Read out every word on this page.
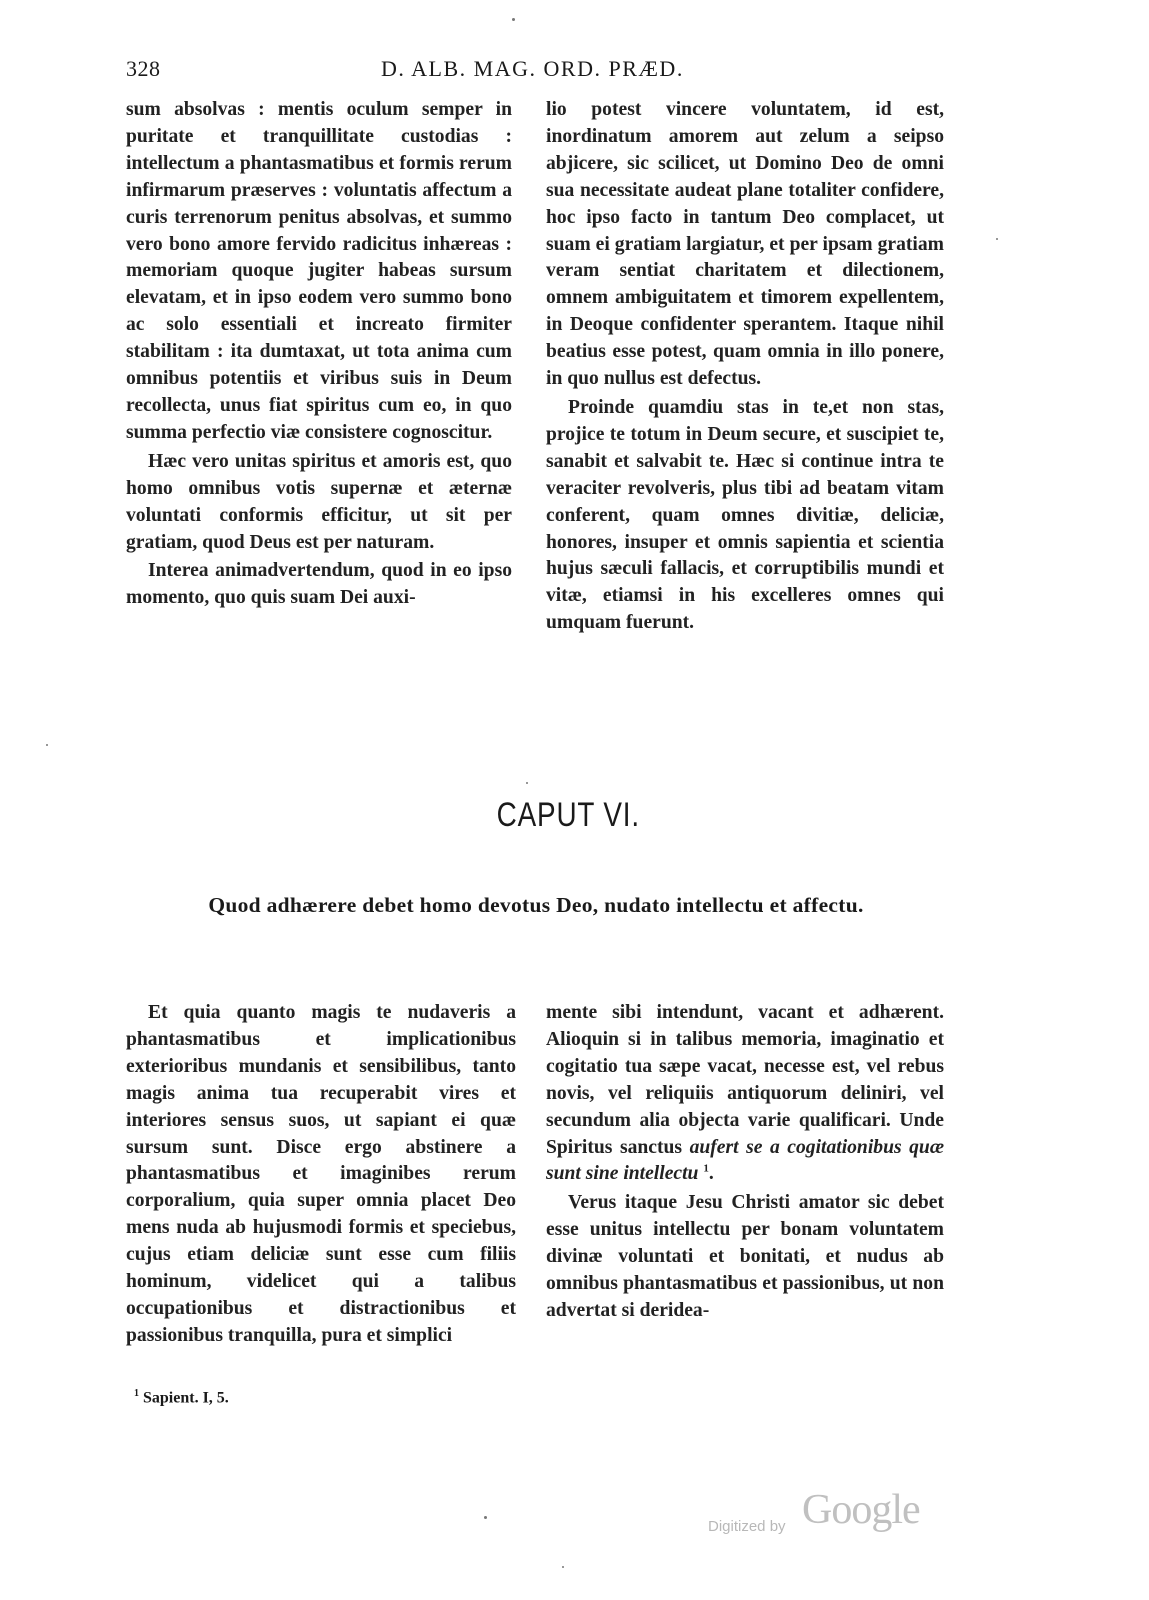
328	D. ALB. MAG. ORD. PRÆD.

sum absolvas : mentis oculum semper in puritate et tranquillitate custodias : intellectum a phantasmatibus et formis rerum infirmarum præserves : voluntatis affectum a curis terrenorum penitus absolvas, et summo vero bono amore fervido radicitus inhæreas : memoriam quoque jugiter habeas sursum elevatam, et in ipso eodem vero summo bono ac solo essentiali et increato firmiter stabilitam : ita dumtaxat, ut tota anima cum omnibus potentiis et viribus suis in Deum recollecta, unus fiat spiritus cum eo, in quo summa perfectio viæ consistere cognoscitur.

Hæc vero unitas spiritus et amoris est, quo homo omnibus votis supernæ et æternæ voluntati conformis efficitur, ut sit per gratiam, quod Deus est per naturam.

Interea animadvertendum, quod in eo ipso momento, quo quis suam Dei auxi-

lio potest vincere voluntatem, id est, inordinatum amorem aut zelum a seipso abjicere, sic scilicet, ut Domino Deo de omni sua necessitate audeat plane totaliter confidere, hoc ipso facto in tantum Deo complacet, ut suam ei gratiam largiatur, et per ipsam gratiam veram sentiat charitatem et dilectionem, omnem ambiguitatem et timorem expellentem, in Deoque confidenter sperantem. Itaque nihil beatius esse potest, quam omnia in illo ponere, in quo nullus est defectus.

Proinde quamdiu stas in te,et non stas, projice te totum in Deum secure, et suscipiet te, sanabit et salvabit te. Hæc si continue intra te veraciter revolveris, plus tibi ad beatam vitam conferent, quam omnes divitiæ, deliciæ, honores, insuper et omnis sapientia et scientia hujus sæculi fallacis, et corruptibilis mundi et vitæ, etiamsi in his excelleres omnes qui umquam fuerunt.

CAPUT VI.
Quod adhærere debet homo devotus Deo, nudato intellectu et affectu.

Et quia quanto magis te nudaveris a phantasmatibus et implicationibus exterioribus mundanis et sensibilibus, tanto magis anima tua recuperabit vires et interiores sensus suos, ut sapiant ei quæ sursum sunt. Disce ergo abstinere a phantasmatibus et imaginibes rerum corporalium, quia super omnia placet Deo mens nuda ab hujusmodi formis et speciebus, cujus etiam deliciæ sunt esse cum filiis hominum, videlicet qui a talibus occupationibus et distractionibus et passionibus tranquilla, pura et simplici

mente sibi intendunt, vacant et adhærent. Alioquin si in talibus memoria, imaginatio et cogitatio tua sæpe vacat, necesse est, vel rebus novis, vel reliquiis antiquorum deliniri, vel secundum alia objecta varie qualificari. Unde Spiritus sanctus aufert se a cogitationibus quæ sunt sine intellectu $^1$.

Verus itaque Jesu Christi amator sic debet esse unitus intellectu per bonam voluntatem divinæ voluntati et bonitati, et nudus ab omnibus phantasmatibus et passionibus, ut non advertat si deridea-

$^1$ Sapient. I, 5.
Digitized by Google
